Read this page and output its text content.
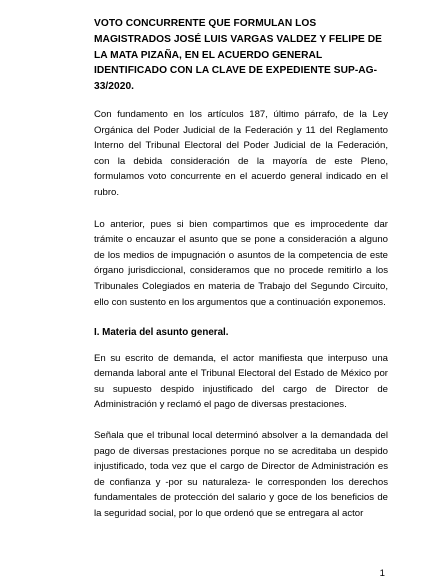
VOTO CONCURRENTE QUE FORMULAN LOS MAGISTRADOS JOSÉ LUIS VARGAS VALDEZ Y FELIPE DE LA MATA PIZAÑA, EN EL ACUERDO GENERAL IDENTIFICADO CON LA CLAVE DE EXPEDIENTE SUP-AG-33/2020.

Con fundamento en los artículos 187, último párrafo, de la Ley Orgánica del Poder Judicial de la Federación y 11 del Reglamento Interno del Tribunal Electoral del Poder Judicial de la Federación, con la debida consideración de la mayoría de este Pleno, formulamos voto concurrente en el acuerdo general indicado en el rubro.

Lo anterior, pues si bien compartimos que es improcedente dar trámite o encauzar el asunto que se pone a consideración a alguno de los medios de impugnación o asuntos de la competencia de este órgano jurisdiccional, consideramos que no procede remitirlo a los Tribunales Colegiados en materia de Trabajo del Segundo Circuito, ello con sustento en los argumentos que a continuación exponemos.

I. Materia del asunto general.

En su escrito de demanda, el actor manifiesta que interpuso una demanda laboral ante el Tribunal Electoral del Estado de México por su supuesto despido injustificado del cargo de Director de Administración y reclamó el pago de diversas prestaciones.

Señala que el tribunal local determinó absolver a la demandada del pago de diversas prestaciones porque no se acreditaba un despido injustificado, toda vez que el cargo de Director de Administración es de confianza y -por su naturaleza- le corresponden los derechos fundamentales de protección del salario y goce de los beneficios de la seguridad social, por lo que ordenó que se entregara al actor

1
